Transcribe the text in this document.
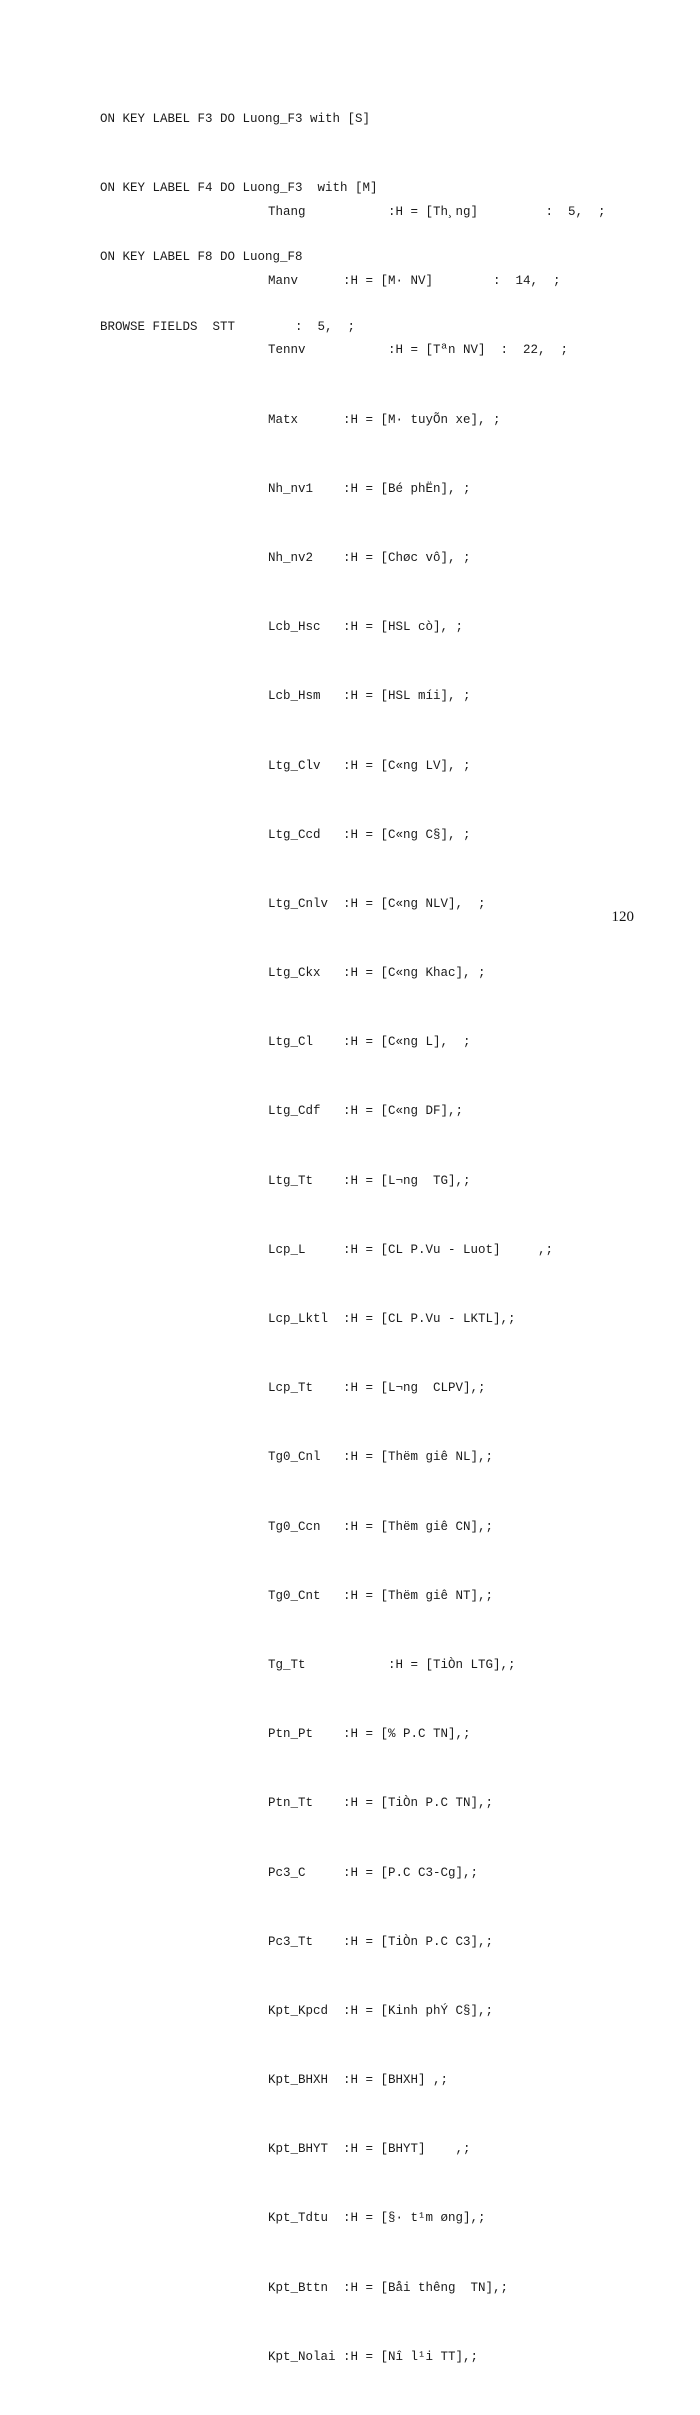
ON KEY LABEL F3 DO Luong_F3 with [S]

ON KEY LABEL F4 DO Luong_F3  with [M]

ON KEY LABEL F8 DO Luong_F8

BROWSE FIELDS  STT        :  5,  ;

Thang           :H = [Th¸ng]         :  5,  ;

Manv      :H = [M· NV]        :  14,  ;

Tennv           :H = [Tªn NV]  :  22,  ;

Matx      :H = [M· tuyÕn xe], ;

Nh_nv1    :H = [Bé phËn], ;

Nh_nv2    :H = [Chøc vô], ;

Lcb_Hsc   :H = [HSL cò], ;

Lcb_Hsm   :H = [HSL míi], ;

Ltg_Clv   :H = [C«ng LV], ;

Ltg_Ccd   :H = [C«ng C§], ;

Ltg_Cnlv  :H = [C«ng NLV],  ;

Ltg_Ckx   :H = [C«ng Khac], ;

Ltg_Cl    :H = [C«ng L],  ;

Ltg_Cdf   :H = [C«ng DF],;

Ltg_Tt    :H = [L¬ng  TG],;

Lcp_L     :H = [CL P.Vu - Luot]     ,;

Lcp_Lktl  :H = [CL P.Vu - LKTL],;

Lcp_Tt    :H = [L¬ng  CLPV],;

Tg0_Cnl   :H = [Thëm giê NL],;

Tg0_Ccn   :H = [Thëm giê CN],;

Tg0_Cnt   :H = [Thëm giê NT],;

Tg_Tt           :H = [TiÒn LTG],;

Ptn_Pt    :H = [% P.C TN],;

Ptn_Tt    :H = [TiÒn P.C TN],;

Pc3_C     :H = [P.C C3-Cg],;

Pc3_Tt    :H = [TiÒn P.C C3],;

Kpt_Kpcd  :H = [Kinh phÝ C§],;

Kpt_BHXH  :H = [BHXH] ,;

Kpt_BHYT  :H = [BHYT]    ,;

Kpt_Tdtu  :H = [§· t¹m øng],;

Kpt_Bttn  :H = [Båi thêng  TN],;

Kpt_Nolai :H = [Nî l¹i TT],;

120
